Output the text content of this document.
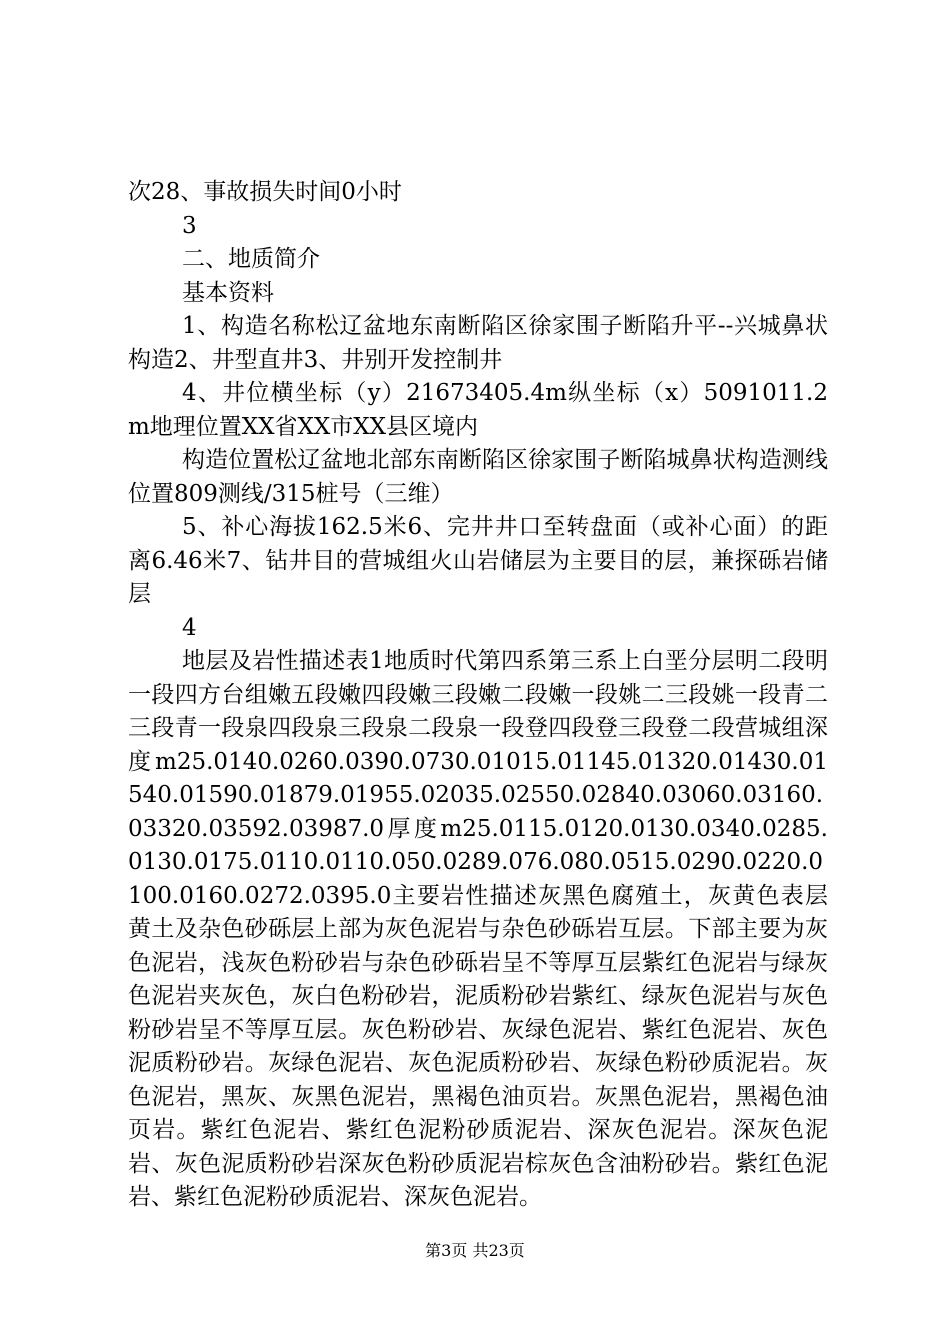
次28、事故损失时间0小时

3

二、地质简介

基本资料

1、构造名称松辽盆地东南断陷区徐家围子断陷升平--兴城鼻状构造2、井型直井3、井别开发控制井

4、井位横坐标（y）21673405.4m纵坐标（x）5091011.2m地理位置XX省XX市XX县区境内

构造位置松辽盆地北部东南断陷区徐家围子断陷城鼻状构造测线位置809测线/315桩号（三维）

5、补心海拔162.5米6、完井井口至转盘面（或补心面）的距离6.46米7、钻井目的营城组火山岩储层为主要目的层，兼探砾岩储层

4

地层及岩性描述表1地质时代第四系第三系上白垩分层明二段明一段四方台组嫩五段嫩四段嫩三段嫩二段嫩一段姚二三段姚一段青二三段青一段泉四段泉三段泉二段泉一段登四段登三段登二段营城组深度m25.0140.0260.0390.0730.01015.01145.01320.01430.01540.01590.01879.01955.02035.02550.02840.03060.03160.03320.03592.03987.0厚度m25.0115.0120.0130.0340.0285.0130.0175.0110.0110.050.0289.076.080.0515.0290.0220.0100.0160.0272.0395.0主要岩性描述灰黑色腐殖土，灰黄色表层黄土及杂色砂砾层上部为灰色泥岩与杂色砂砾岩互层。下部主要为灰色泥岩，浅灰色粉砂岩与杂色砂砾岩呈不等厚互层紫红色泥岩与绿灰色泥岩夹灰色，灰白色粉砂岩，泥质粉砂岩紫红、绿灰色泥岩与灰色粉砂岩呈不等厚互层。灰色粉砂岩、灰绿色泥岩、紫红色泥岩、灰色泥质粉砂岩。灰绿色泥岩、灰色泥质粉砂岩、灰绿色粉砂质泥岩。灰色泥岩，黑灰、灰黑色泥岩，黑褐色油页岩。灰黑色泥岩，黑褐色油页岩。紫红色泥岩、紫红色泥粉砂质泥岩、深灰色泥岩。深灰色泥岩、灰色泥质粉砂岩深灰色粉砂质泥岩棕灰色含油粉砂岩。紫红色泥岩、紫红色泥粉砂质泥岩、深灰色泥岩。

第3页 共23页
